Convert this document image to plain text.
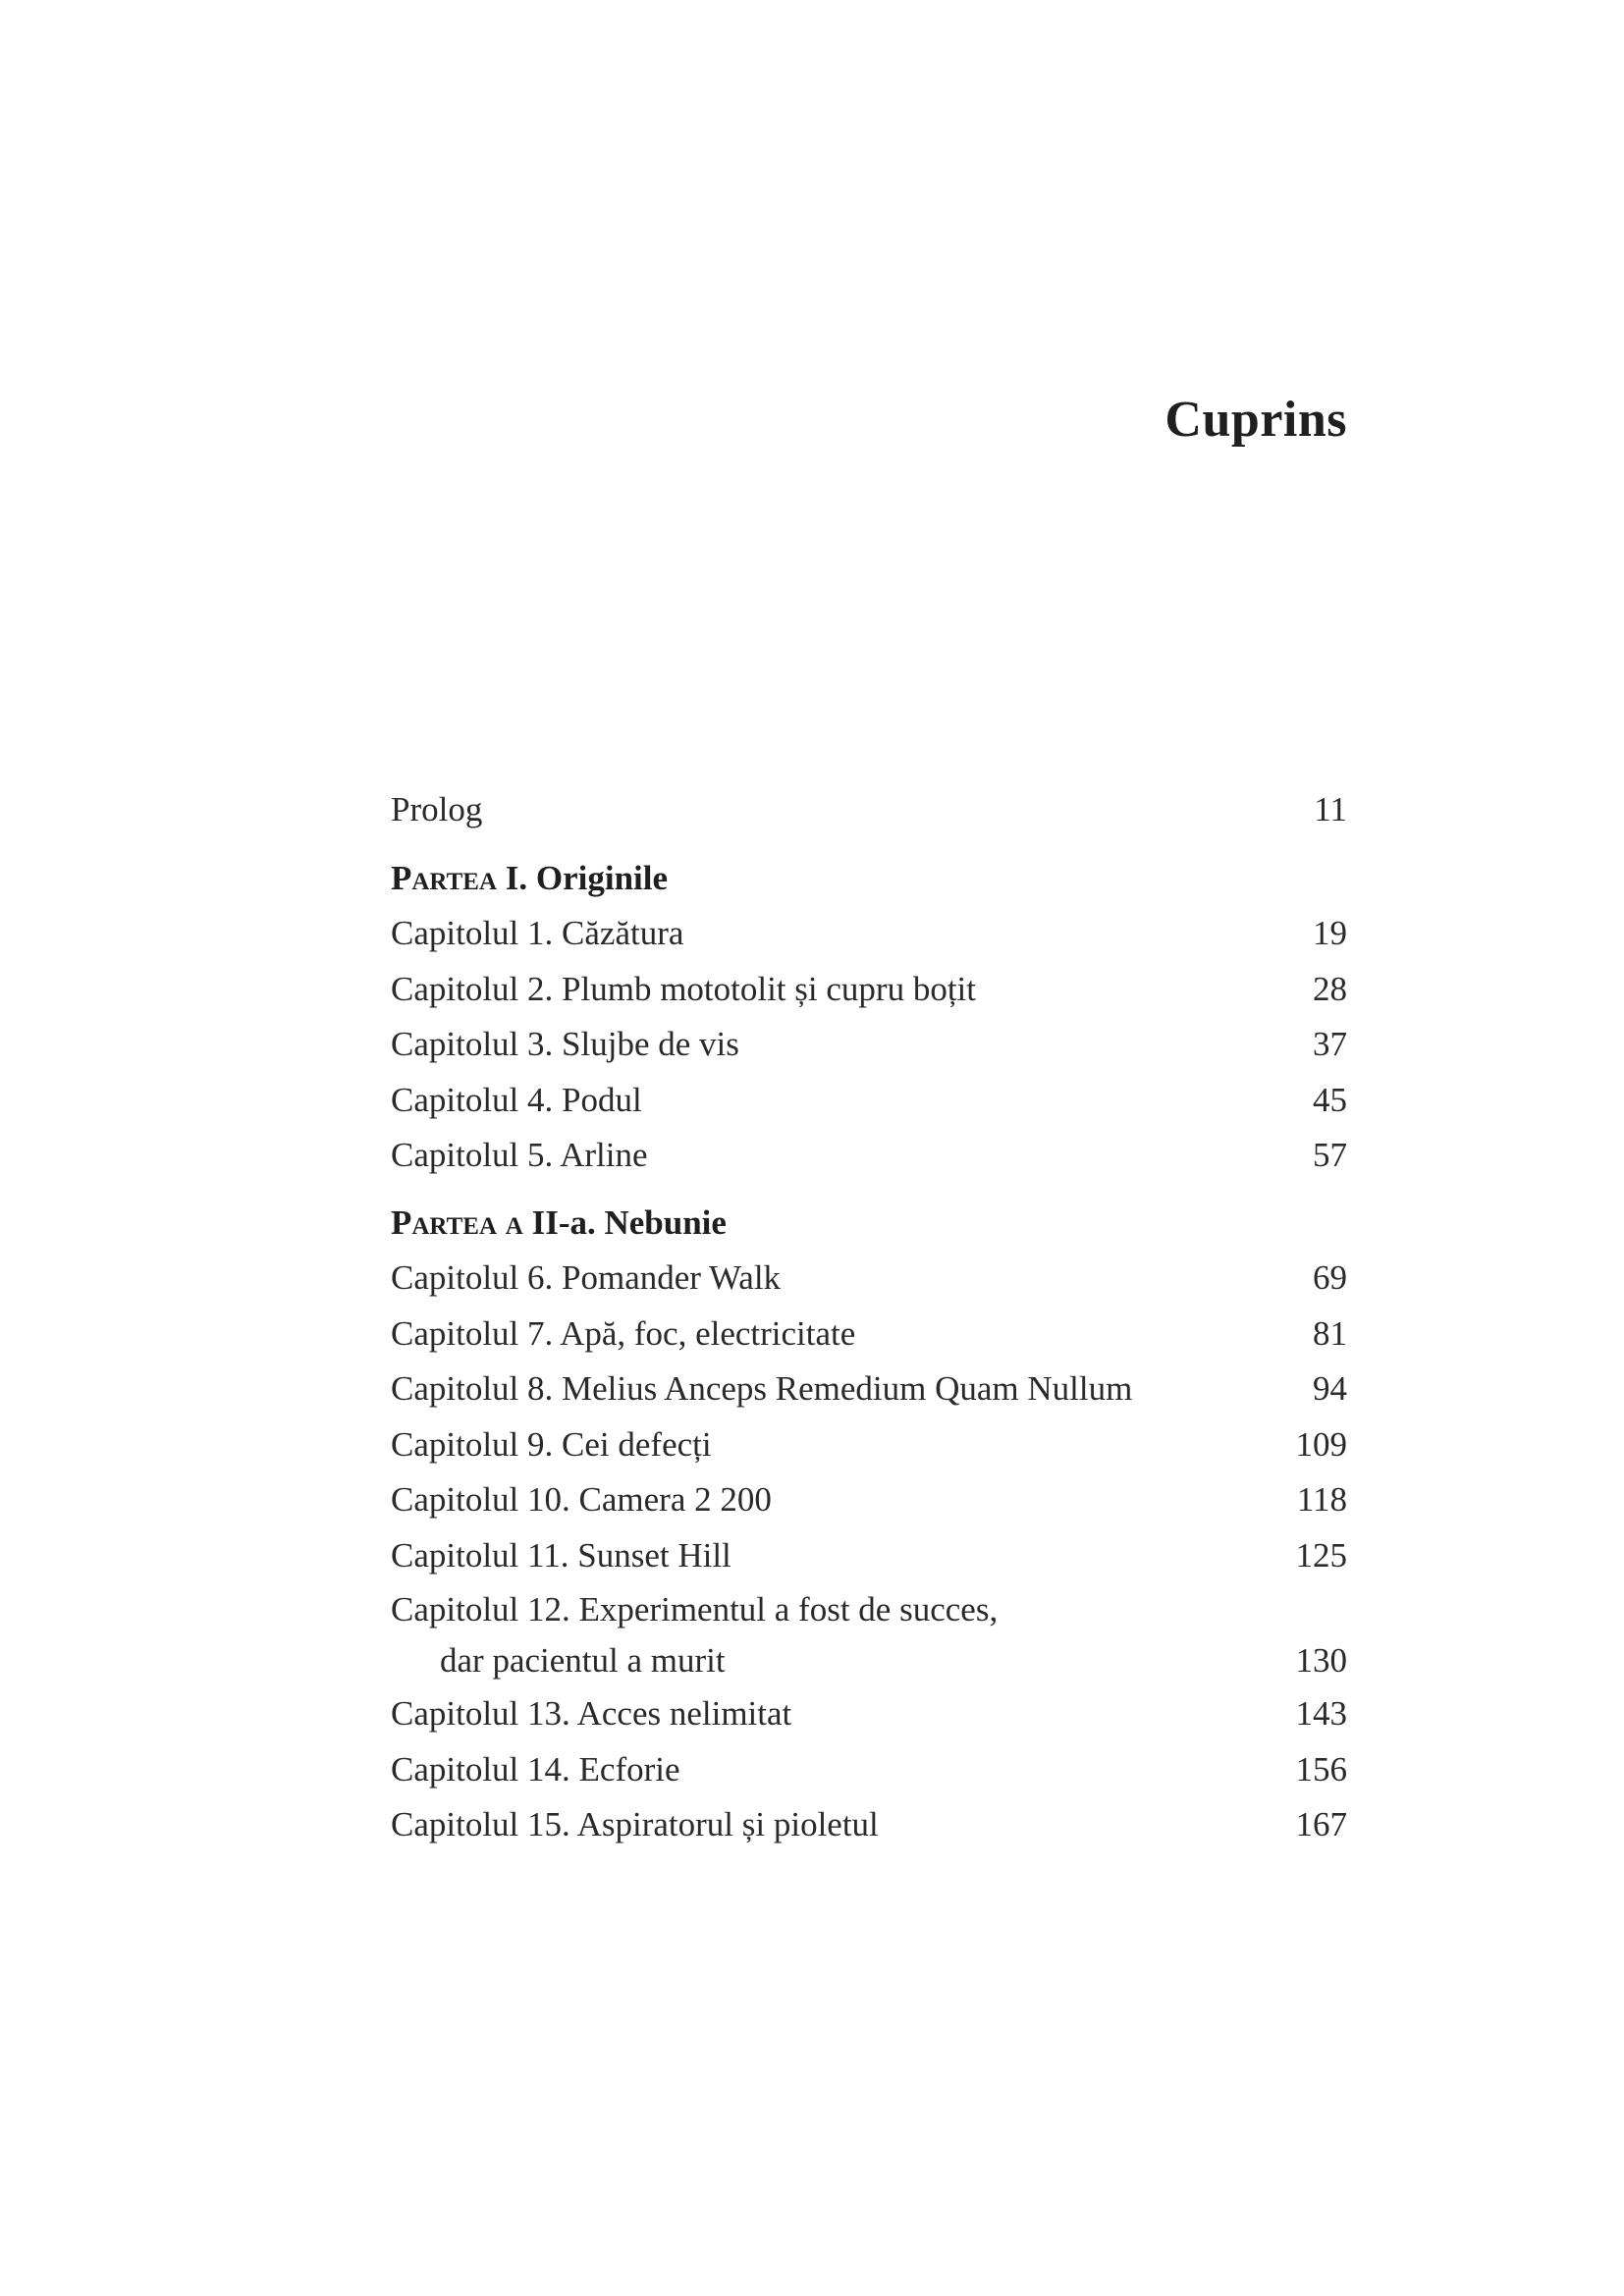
Cuprins
Prolog	11
Partea I. Originile
Capitolul 1. Căzătura	19
Capitolul 2. Plumb mototolit și cupru boțit	28
Capitolul 3. Slujbe de vis	37
Capitolul 4. Podul	45
Capitolul 5. Arline	57
Partea a II-a. Nebunie
Capitolul 6. Pomander Walk	69
Capitolul 7. Apă, foc, electricitate	81
Capitolul 8. Melius Anceps Remedium Quam Nullum	94
Capitolul 9. Cei defecți	109
Capitolul 10. Camera 2 200	118
Capitolul 11. Sunset Hill	125
Capitolul 12. Experimentul a fost de succes,
dar pacientul a murit	130
Capitolul 13. Acces nelimitat	143
Capitolul 14. Ecforie	156
Capitolul 15. Aspiratorul și pioletul	167
